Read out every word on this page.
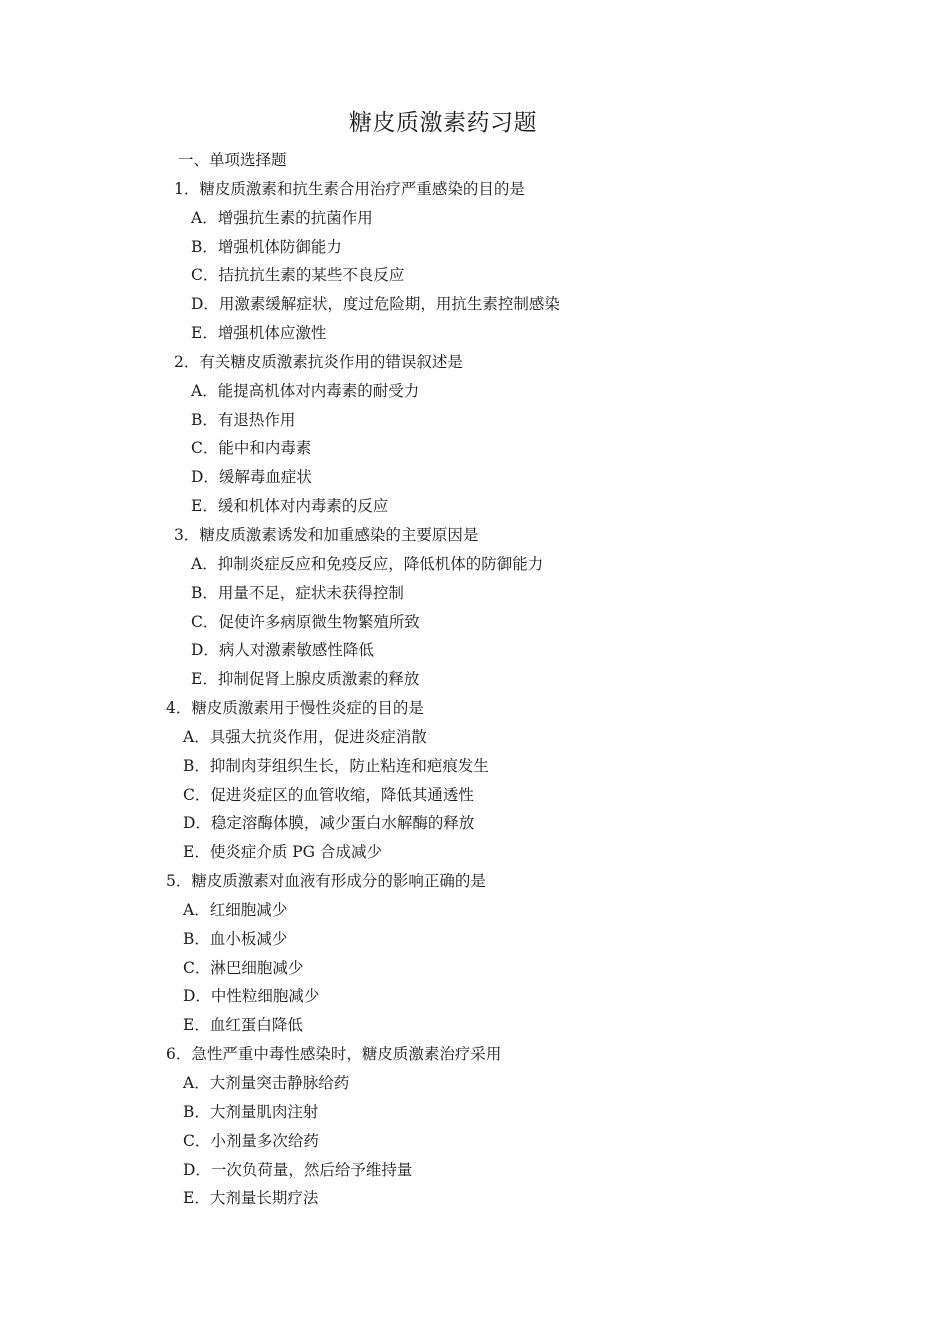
糖皮质激素药习题
一、单项选择题
1．糖皮质激素和抗生素合用治疗严重感染的目的是
A．增强抗生素的抗菌作用
B．增强机体防御能力
C．拮抗抗生素的某些不良反应
D．用激素缓解症状，度过危险期，用抗生素控制感染
E．增强机体应激性
2．有关糖皮质激素抗炎作用的错误叙述是
A．能提高机体对内毒素的耐受力
B．有退热作用
C．能中和内毒素
D．缓解毒血症状
E．缓和机体对内毒素的反应
3．糖皮质激素诱发和加重感染的主要原因是
A．抑制炎症反应和免疫反应，降低机体的防御能力
B．用量不足，症状未获得控制
C．促使许多病原微生物繁殖所致
D．病人对激素敏感性降低
E．抑制促肾上腺皮质激素的释放
4．糖皮质激素用于慢性炎症的目的是
A．具强大抗炎作用，促进炎症消散
B．抑制肉芽组织生长，防止粘连和疤痕发生
C．促进炎症区的血管收缩，降低其通透性
D．稳定溶酶体膜，减少蛋白水解酶的释放
E．使炎症介质 PG 合成减少
5．糖皮质激素对血液有形成分的影响正确的是
A．红细胞减少
B．血小板减少
C．淋巴细胞减少
D．中性粒细胞减少
E．血红蛋白降低
6．急性严重中毒性感染时，糖皮质激素治疗采用
A．大剂量突击静脉给药
B．大剂量肌肉注射
C．小剂量多次给药
D．一次负荷量，然后给予维持量
E．大剂量长期疗法
